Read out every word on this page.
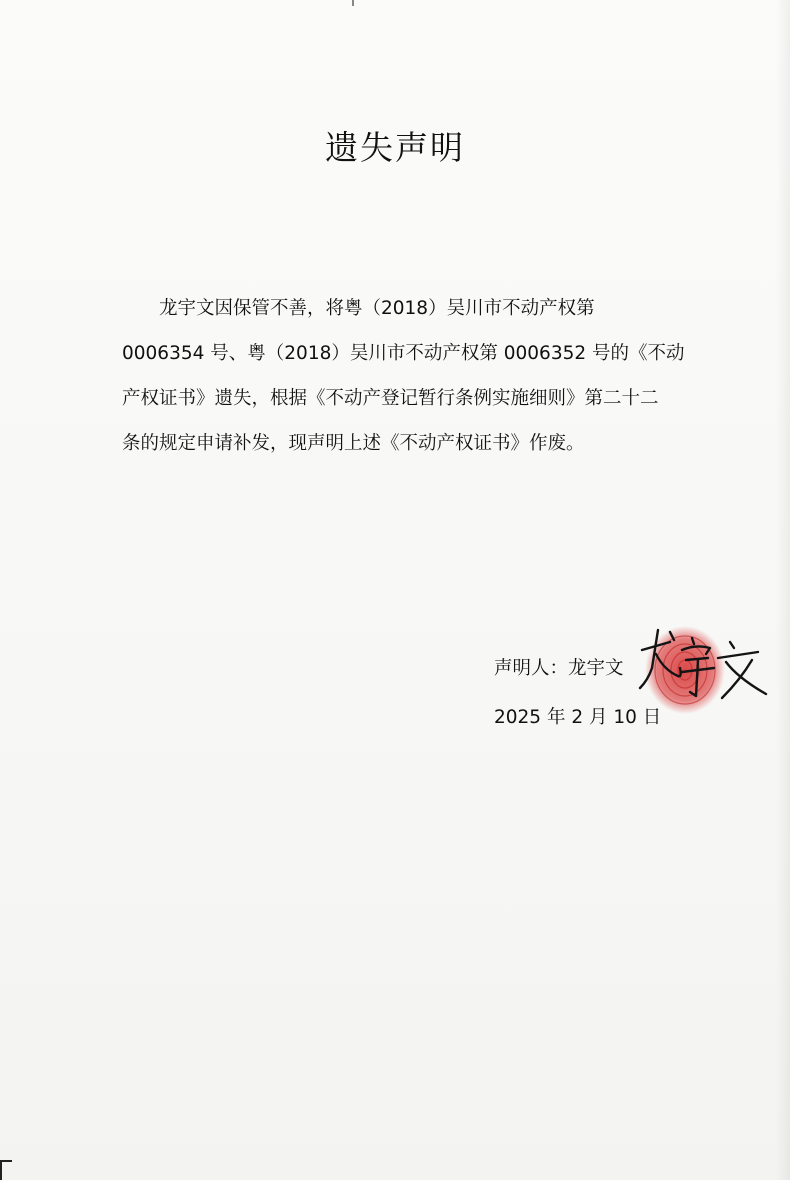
遗失声明
龙宇文因保管不善，将粤（2018）吴川市不动产权第
0006354 号、粤（2018）吴川市不动产权第 0006352 号的《不动
产权证书》遗失，根据《不动产登记暂行条例实施细则》第二十二
条的规定申请补发，现声明上述《不动产权证书》作废。
声明人：龙宇文
2025 年 2 月 10 日
